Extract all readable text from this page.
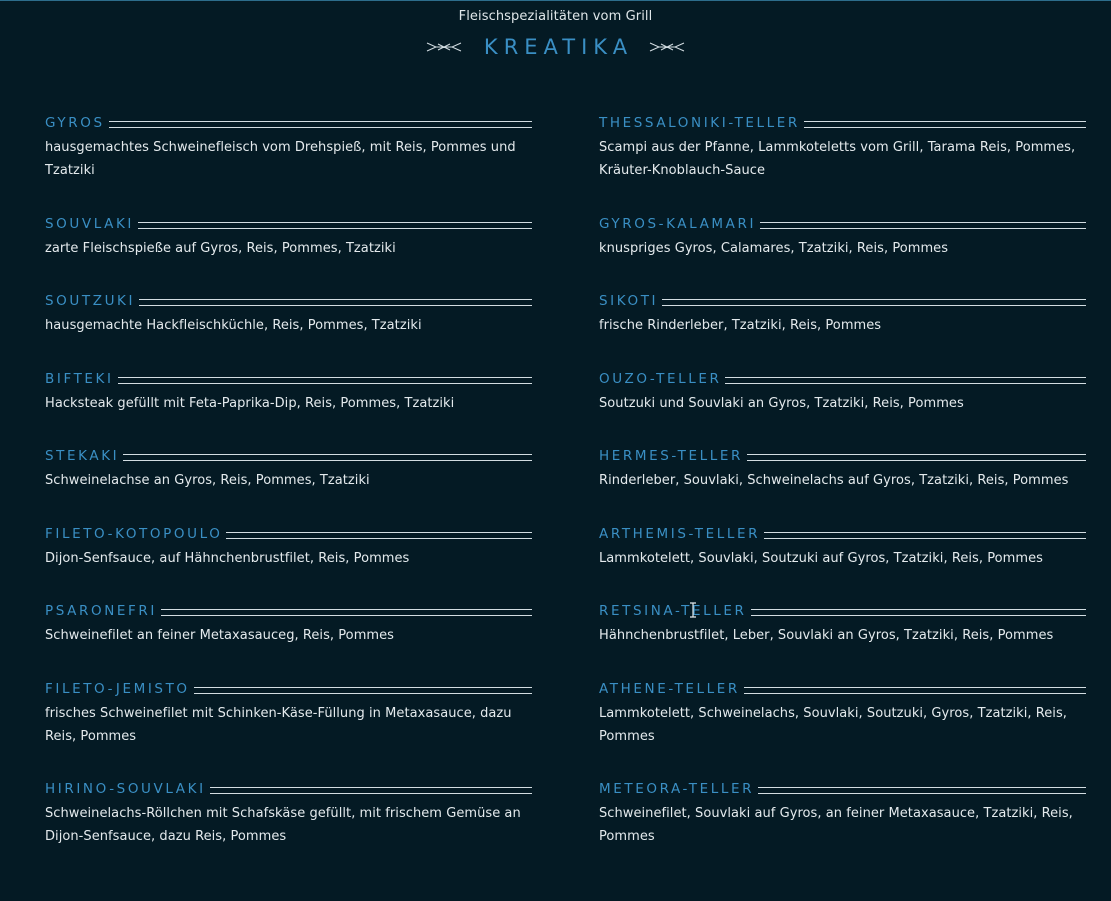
Fleischspezialitäten vom Grill
KREATIKA
GYROS
hausgemachtes Schweinefleisch vom Drehspieß, mit Reis, Pommes und Tzatziki
SOUVLAKI
zarte Fleischspieße auf Gyros, Reis, Pommes, Tzatziki
SOUTZUKI
hausgemachte Hackfleischküchle, Reis, Pommes, Tzatziki
BIFTEKI
Hacksteak gefüllt mit Feta-Paprika-Dip, Reis, Pommes, Tzatziki
STEKAKI
Schweinelachse an Gyros, Reis, Pommes, Tzatziki
FILETO-KOTOPOULO
Dijon-Senfsauce, auf Hähnchenbrustfilet, Reis, Pommes
PSARONEFRI
Schweinefilet an feiner Metaxasauceg, Reis, Pommes
FILETO-JEMISTO
frisches Schweinefilet mit Schinken-Käse-Füllung in Metaxasauce, dazu Reis, Pommes
HIRINO-SOUVLAKI
Schweinelachs-Röllchen mit Schafskäse gefüllt, mit frischem Gemüse an Dijon-Senfsauce, dazu Reis, Pommes
THESSALONIKI-TELLER
Scampi aus der Pfanne, Lammkoteletts vom Grill, Tarama Reis, Pommes, Kräuter-Knoblauch-Sauce
GYROS-KALAMARI
knuspriges Gyros, Calamares, Tzatziki, Reis, Pommes
SIKOTI
frische Rinderleber, Tzatziki, Reis, Pommes
OUZO-TELLER
Soutzuki und Souvlaki an Gyros, Tzatziki, Reis, Pommes
HERMES-TELLER
Rinderleber, Souvlaki, Schweinelachs auf Gyros, Tzatziki, Reis, Pommes
ARTHEMIS-TELLER
Lammkotelett, Souvlaki, Soutzuki auf Gyros, Tzatziki, Reis, Pommes
RETSINA-TELLER
Hähnchenbrustfilet, Leber, Souvlaki an Gyros, Tzatziki, Reis, Pommes
ATHENE-TELLER
Lammkotelett, Schweinelachs, Souvlaki, Soutzuki, Gyros, Tzatziki, Reis, Pommes
METEORA-TELLER
Schweinefilet, Souvlaki auf Gyros, an feiner Metaxasauce, Tzatziki, Reis, Pommes
